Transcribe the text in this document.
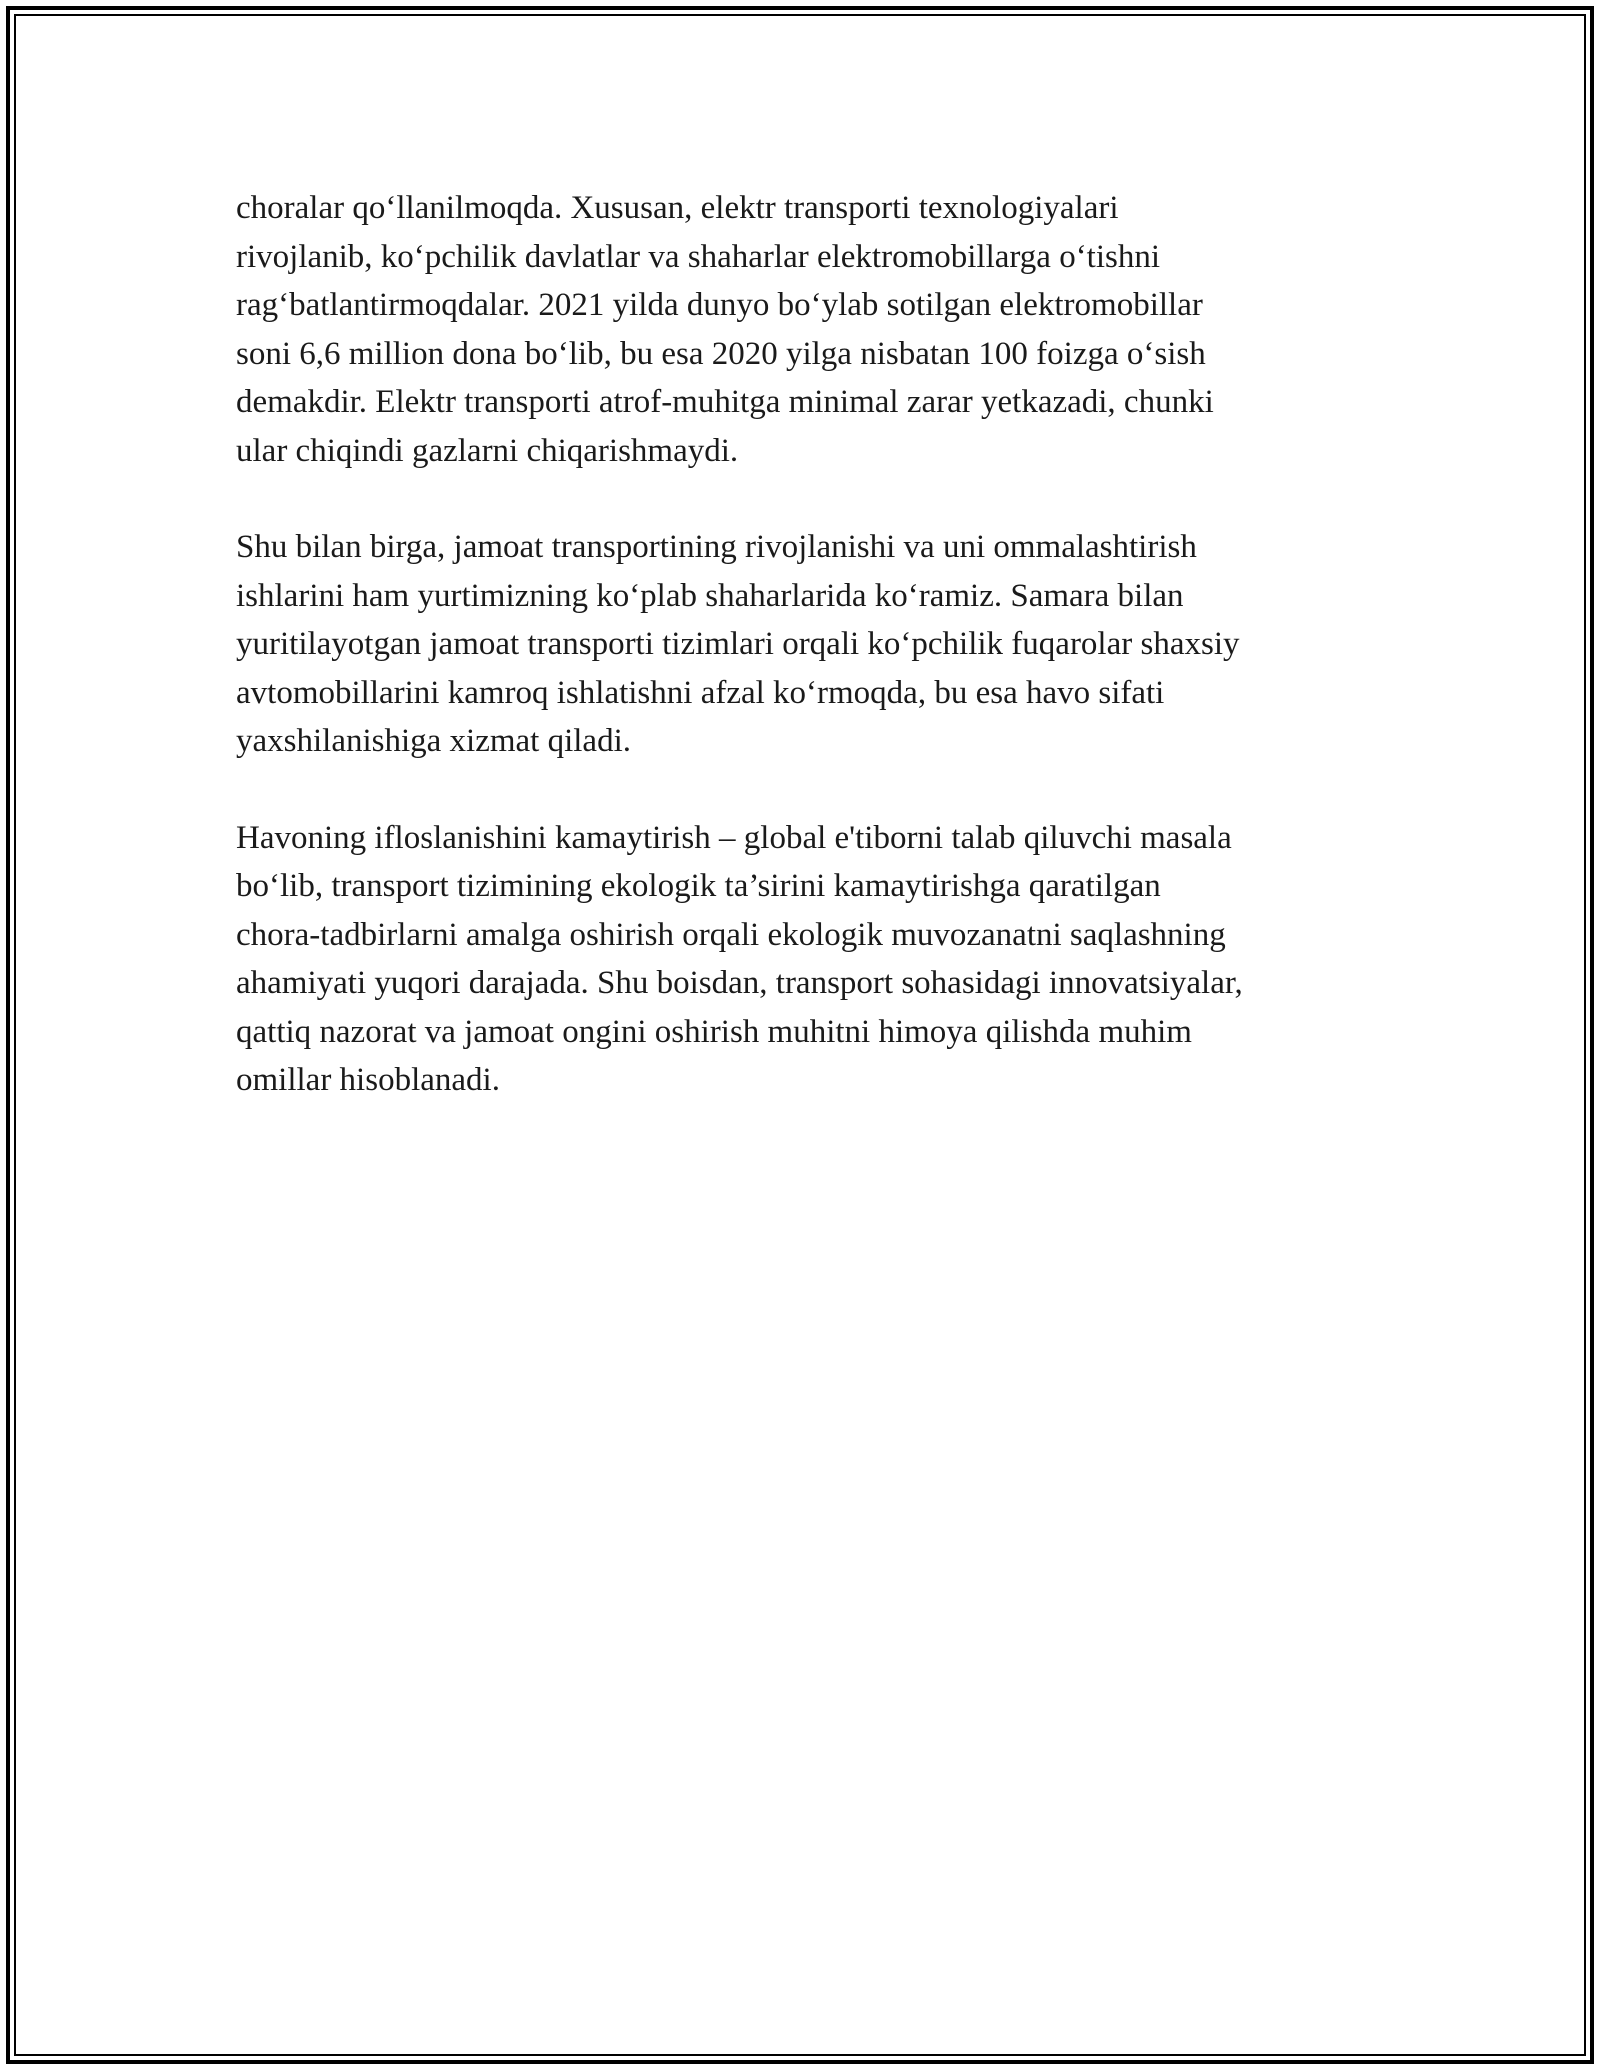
choralar qo‘llanilmoqda. Xususan, elektr transporti texnologiyalari
rivojlanib, ko‘pchilik davlatlar va shaharlar elektromobillarga o‘tishni
rag‘batlantirmoqdalar. 2021 yilda dunyo bo‘ylab sotilgan elektromobillar
soni 6,6 million dona bo‘lib, bu esa 2020 yilga nisbatan 100 foizga o‘sish
demakdir. Elektr transporti atrof-muhitga minimal zarar yetkazadi, chunki
ular chiqindi gazlarni chiqarishmaydi.

Shu bilan birga, jamoat transportining rivojlanishi va uni ommalashtirish
ishlarini ham yurtimizning ko‘plab shaharlarida ko‘ramiz. Samara bilan
yuritilayotgan jamoat transporti tizimlari orqali ko‘pchilik fuqarolar shaxsiy
avtomobillarini kamroq ishlatishni afzal ko‘rmoqda, bu esa havo sifati
yaxshilanishiga xizmat qiladi.

Havoning ifloslanishini kamaytirish – global e'tiborni talab qiluvchi masala
bo‘lib, transport tizimining ekologik ta’sirini kamaytirishga qaratilgan
chora-tadbirlarni amalga oshirish orqali ekologik muvozanatni saqlashning
ahamiyati yuqori darajada. Shu boisdan, transport sohasidagi innovatsiyalar,
qattiq nazorat va jamoat ongini oshirish muhitni himoya qilishda muhim
omillar hisoblanadi.
